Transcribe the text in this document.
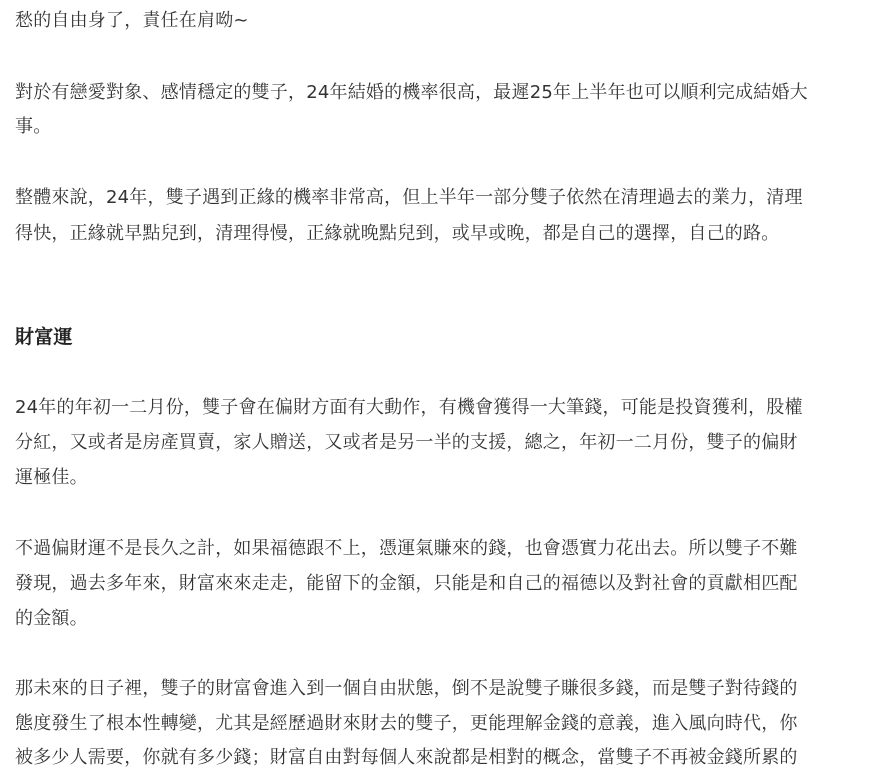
愁的自由身了，責任在肩呦~
對於有戀愛對象、感情穩定的雙子，24年結婚的機率很高，最遲25年上半年也可以順利完成結婚大
事。
整體來說，24年，雙子遇到正緣的機率非常高，但上半年一部分雙子依然在清理過去的業力，清理
得快，正緣就早點兒到，清理得慢，正緣就晚點兒到，或早或晚，都是自己的選擇，自己的路。
財富運
24年的年初一二月份，雙子會在偏財方面有大動作，有機會獲得一大筆錢，可能是投資獲利，股權
分紅，又或者是房產買賣，家人贈送，又或者是另一半的支援，總之，年初一二月份，雙子的偏財
運極佳。
不過偏財運不是長久之計，如果福德跟不上，憑運氣賺來的錢，也會憑實力花出去。所以雙子不難
發現，過去多年來，財富來來走走，能留下的金額，只能是和自己的福德以及對社會的貢獻相匹配
的金額。
那未來的日子裡，雙子的財富會進入到一個自由狀態，倒不是說雙子賺很多錢，而是雙子對待錢的
態度發生了根本性轉變，尤其是經歷過財來財去的雙子，更能理解金錢的意義，進入風向時代，你
被多少人需要，你就有多少錢；財富自由對每個人來說都是相對的概念，當雙子不再被金錢所累的
